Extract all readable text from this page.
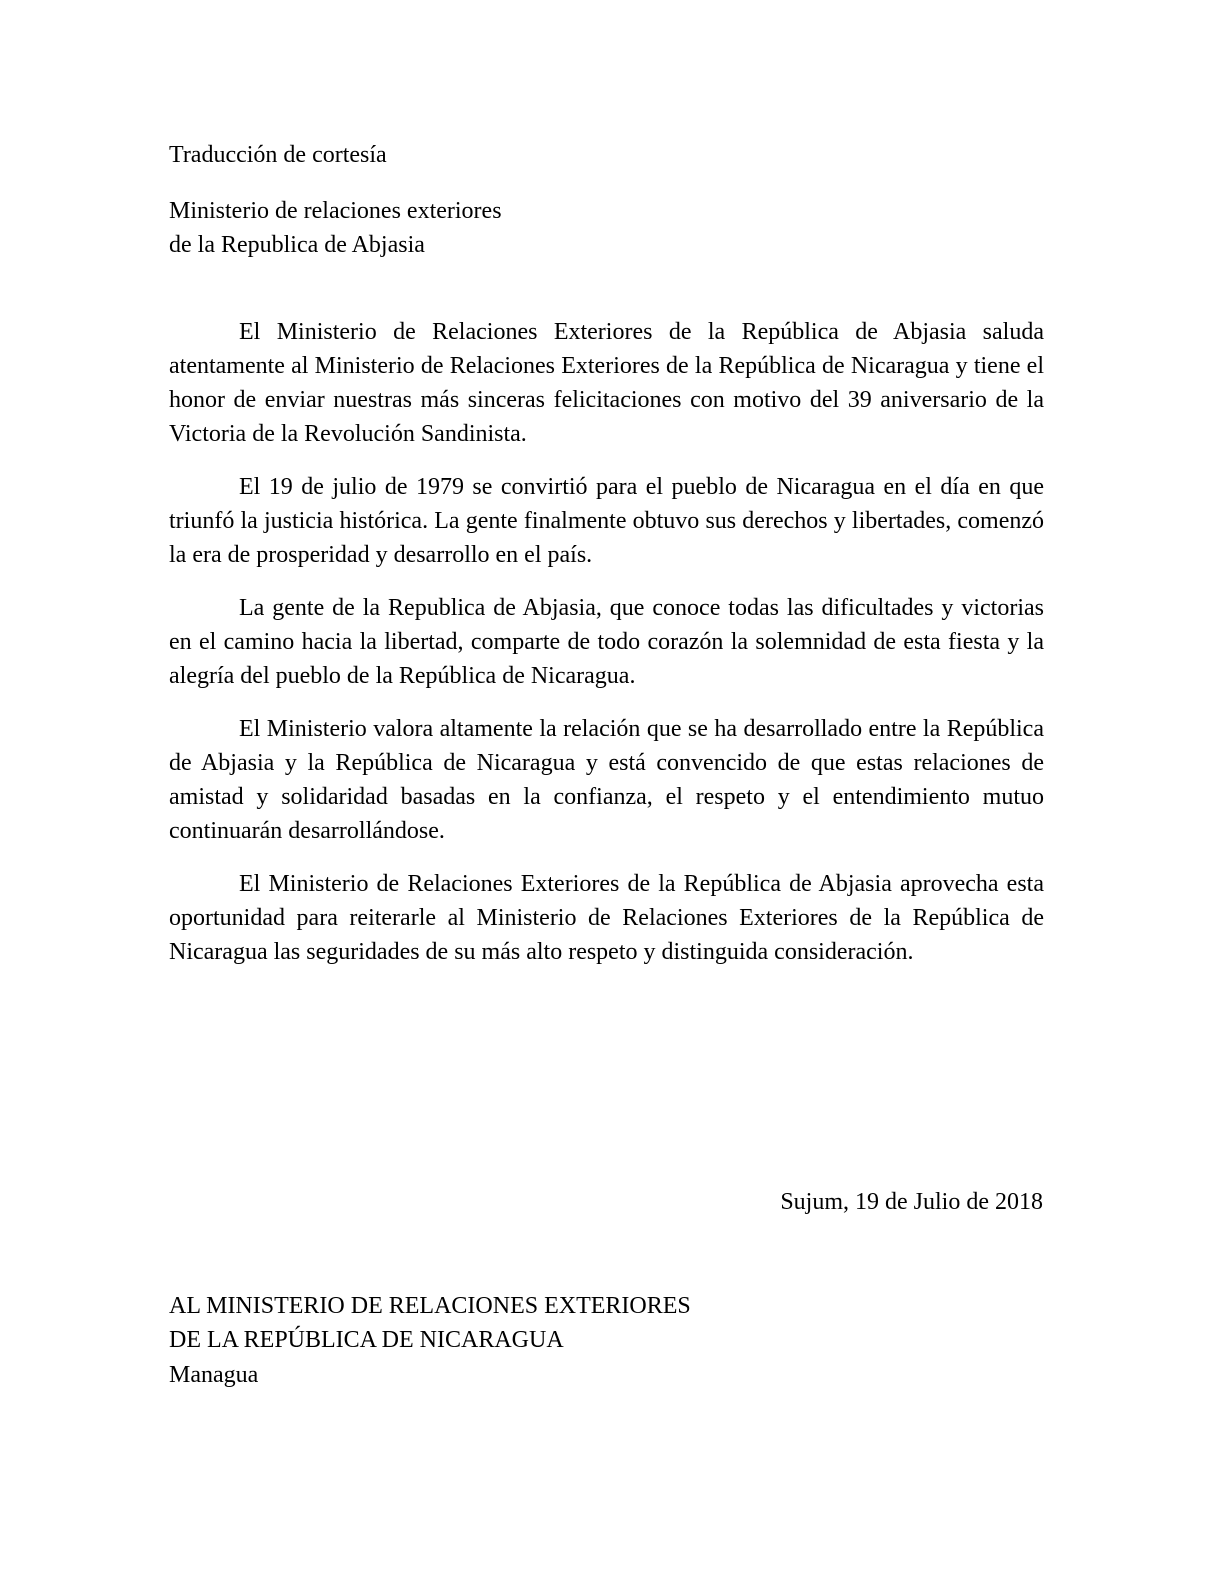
Traducción de cortesía
Ministerio de relaciones exteriores
de la Republica de Abjasia

El Ministerio de Relaciones Exteriores de la República de Abjasia saluda atentamente al Ministerio de Relaciones Exteriores de la República de Nicaragua y tiene el honor de enviar nuestras más sinceras felicitaciones con motivo del 39 aniversario de la Victoria de la Revolución Sandinista.

El 19 de julio de 1979 se convirtió para el pueblo de Nicaragua en el día en que triunfó la justicia histórica. La gente finalmente obtuvo sus derechos y libertades, comenzó la era de prosperidad y desarrollo en el país.

La gente de la Republica de Abjasia, que conoce todas las dificultades y victorias en el camino hacia la libertad, comparte de todo corazón la solemnidad de esta fiesta y la alegría del pueblo de la República de Nicaragua.

El Ministerio valora altamente la relación que se ha desarrollado entre la República de Abjasia y la República de Nicaragua y está convencido de que estas relaciones de amistad y solidaridad basadas en la confianza, el respeto y el entendimiento mutuo continuarán desarrollándose.

El Ministerio de Relaciones Exteriores de la República de Abjasia aprovecha esta oportunidad para reiterarle al Ministerio de Relaciones Exteriores de la República de Nicaragua las seguridades de su más alto respeto y distinguida consideración.

Sujum, 19 de Julio de 2018
AL MINISTERIO DE RELACIONES EXTERIORES
DE LA REPÚBLICA DE NICARAGUA
Managua
